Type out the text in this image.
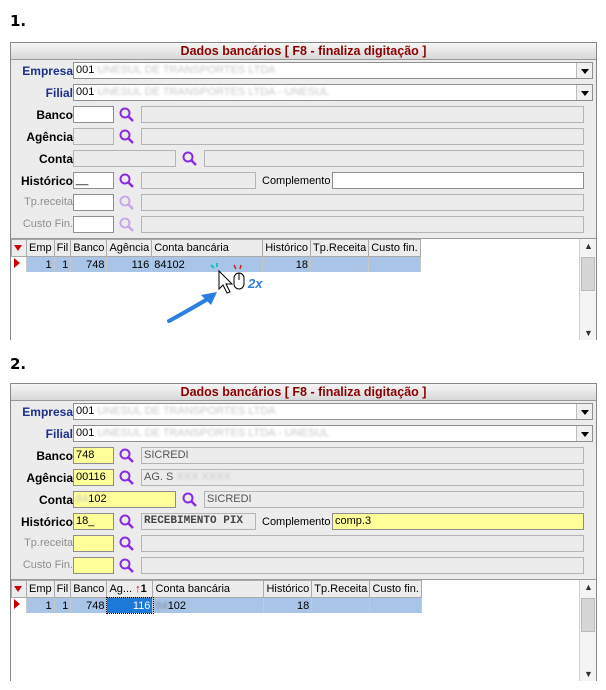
1.
Dados bancários [ F8 - finaliza digitação ]
Empresa 001 UNESUL DE TRANSPORTES LTDA
Filial 001 UNESUL DE TRANSPORTES LTDA - UNESUL
Banco
Agência
Conta
Histórico __	Complemento
Tp.receita
Custo Fin.
	Emp	Fil	Banco	Agência	Conta bancária	Histórico	Tp.Receita	Custo fin.
	1	1	748	116	84102	18		
▲
▼
2x
2.
Dados bancários [ F8 - finaliza digitação ]
Empresa 001 UNESUL DE TRANSPORTES LTDA
Filial 001 UNESUL DE TRANSPORTES LTDA - UNESUL
Banco 748	SICREDI
Agência 00116	AG. S XXX XXXX
Conta 84102	SICREDI
Histórico 18_	RECEBIMENTO PIX	Complemento comp.3
Tp.receita
Custo Fin.
	Emp	Fil	Banco	Ag... ↑1	Conta bancária	Histórico	Tp.Receita	Custo fin.
	1	1	748	116	84102	18		
▲
▼
